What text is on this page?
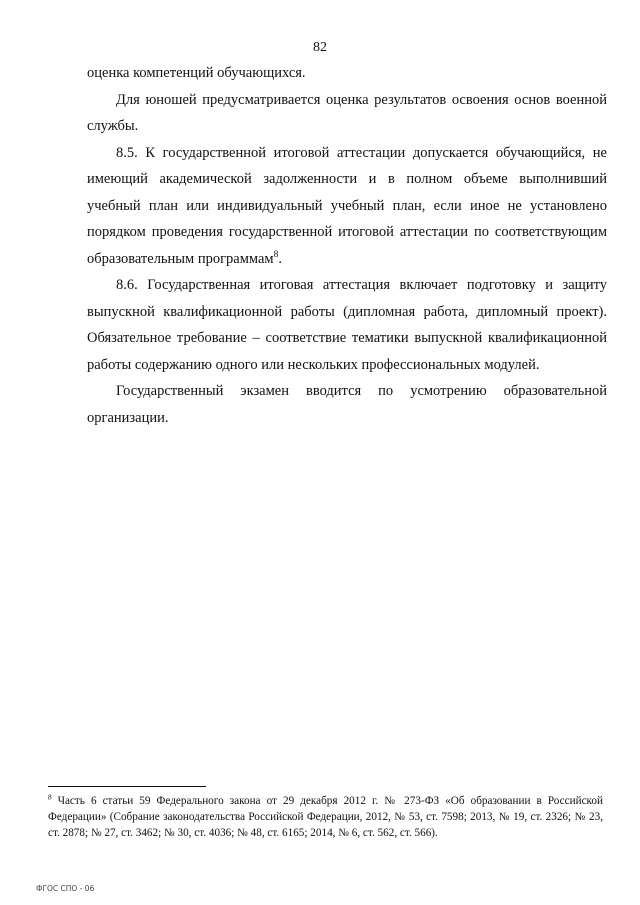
82

оценка компетенций обучающихся.

Для юношей предусматривается оценка результатов освоения основ военной службы.

8.5. К государственной итоговой аттестации допускается обучающийся, не имеющий академической задолженности и в полном объеме выполнивший учебный план или индивидуальный учебный план, если иное не установлено порядком проведения государственной итоговой аттестации по соответствующим образовательным программам$^8$.

8.6. Государственная итоговая аттестация включает подготовку и защиту выпускной квалификационной работы (дипломная работа, дипломный проект). Обязательное требование – соответствие тематики выпускной квалификационной работы содержанию одного или нескольких профессиональных модулей.

Государственный экзамен вводится по усмотрению образовательной организации.

$^8$ Часть 6 статьи 59 Федерального закона от 29 декабря 2012 г. № 273-ФЗ «Об образовании в Российской Федерации» (Собрание законодательства Российской Федерации, 2012, № 53, ст. 7598; 2013, № 19, ст. 2326; № 23, ст. 2878; № 27, ст. 3462; № 30, ст. 4036; № 48, ст. 6165; 2014, № 6, ст. 562, ст. 566).
ФГОС СПО - 06
